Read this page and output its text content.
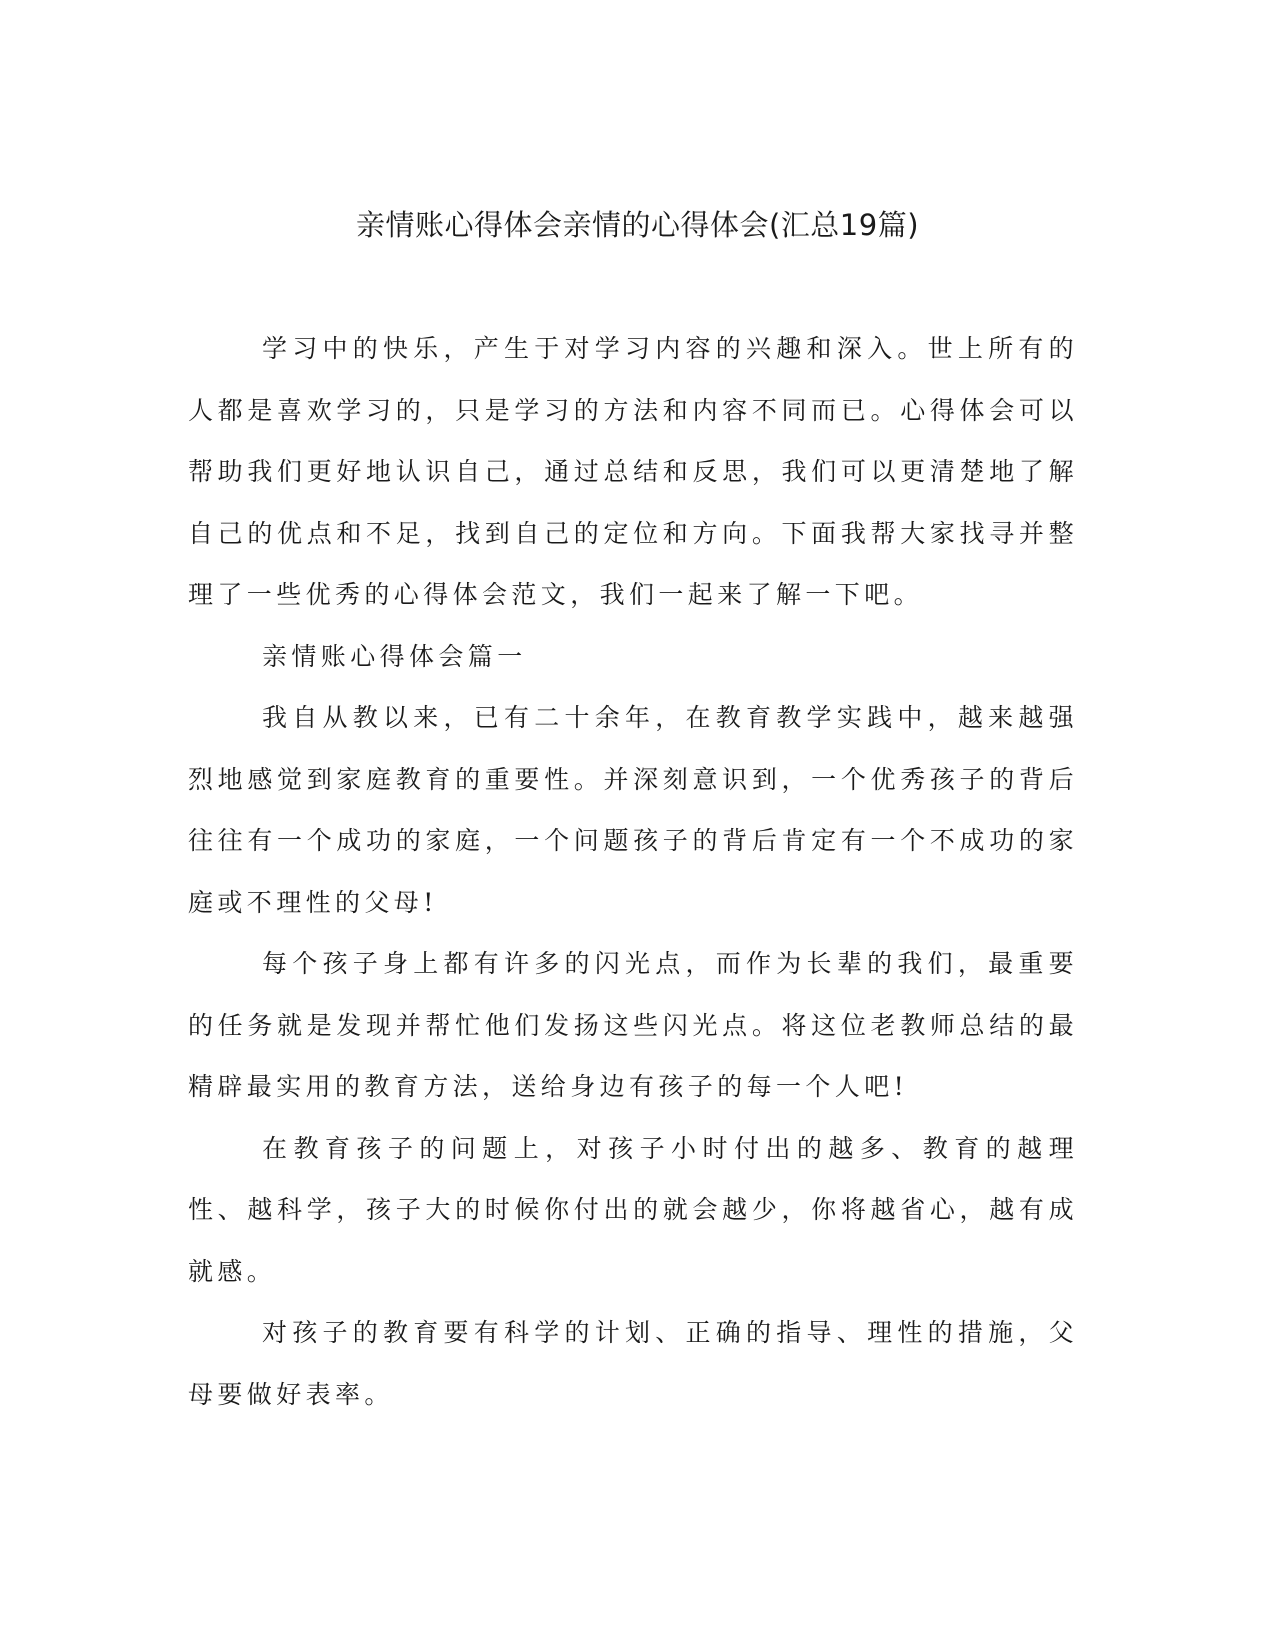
亲情账心得体会亲情的心得体会(汇总19篇)

学习中的快乐，产生于对学习内容的兴趣和深入。世上所有的人都是喜欢学习的，只是学习的方法和内容不同而已。心得体会可以帮助我们更好地认识自己，通过总结和反思，我们可以更清楚地了解自己的优点和不足，找到自己的定位和方向。下面我帮大家找寻并整理了一些优秀的心得体会范文，我们一起来了解一下吧。

亲情账心得体会篇一

我自从教以来，已有二十余年，在教育教学实践中，越来越强烈地感觉到家庭教育的重要性。并深刻意识到，一个优秀孩子的背后往往有一个成功的家庭，一个问题孩子的背后肯定有一个不成功的家庭或不理性的父母!

每个孩子身上都有许多的闪光点，而作为长辈的我们，最重要的任务就是发现并帮忙他们发扬这些闪光点。将这位老教师总结的最精辟最实用的教育方法，送给身边有孩子的每一个人吧!

在教育孩子的问题上，对孩子小时付出的越多、教育的越理性、越科学，孩子大的时候你付出的就会越少，你将越省心，越有成就感。

对孩子的教育要有科学的计划、正确的指导、理性的措施，父母要做好表率。
